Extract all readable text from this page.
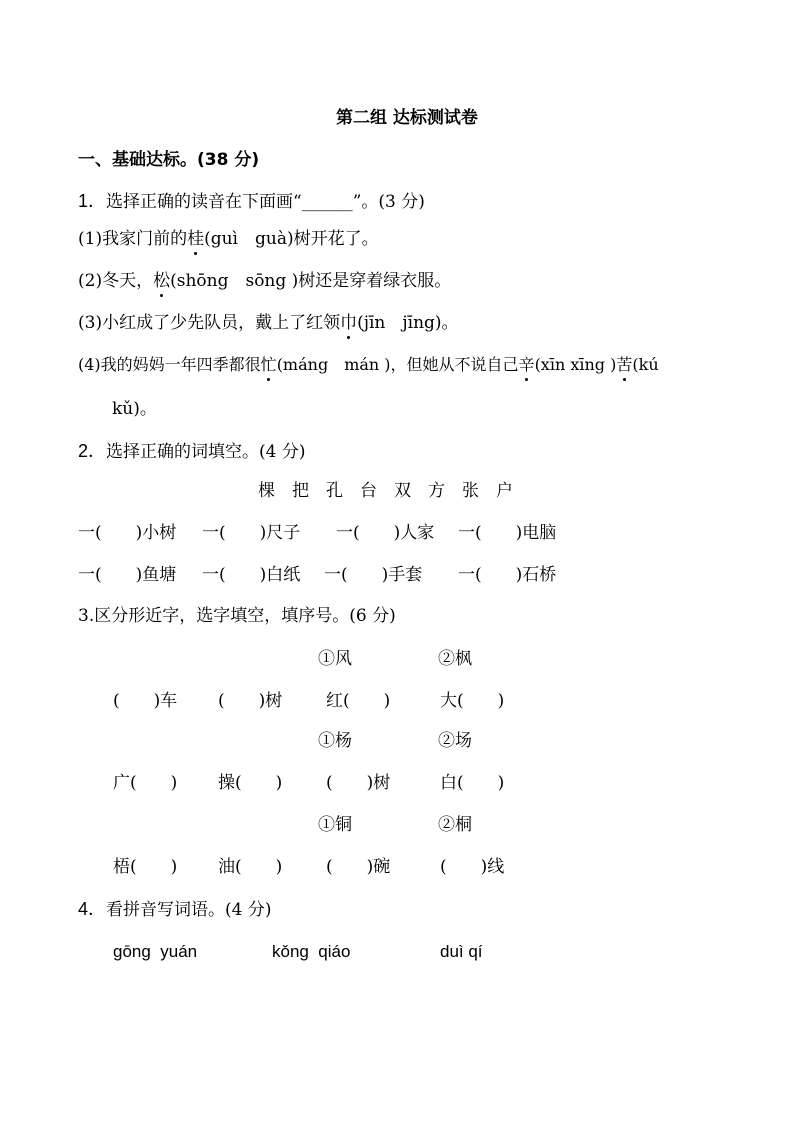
第二组 达标测试卷
一、基础达标。(38 分)
1．选择正确的读音在下面画“______”。(3 分)
(1)我家门前的桂(guì　guà)树开花了。
(2)冬天，松(shōng　sōng )树还是穿着绿衣服。
(3)小红成了少先队员，戴上了红领巾(jīn　jīng)。
(4)我的妈妈一年四季都很忙(máng　mán )，但她从不说自己辛(xīn xīng )苦(kú
kǔ)。
2．选择正确的词填空。(4 分)
棵　把　孔　台　双　方　张　户
一(　　)小树 一(　　)尺子 一(　　)人家 一(　　)电脑
一(　　)鱼塘 一(　　)白纸 一(　　)手套 一(　　)石桥
3.区分形近字，选字填空，填序号。(6 分)
①风	②枫
(　　)车 (　　)树	红(　　)	大(　　)
①杨	②场
广(　　) 操(　　)	(　　)树	白(　　)
①铜	②桐
梧(　　) 油(　　)	(　　)碗	(　　)线
4．看拼音写词语。(4 分)
gōng  yuán	kǒng  qiáo	duì qí
